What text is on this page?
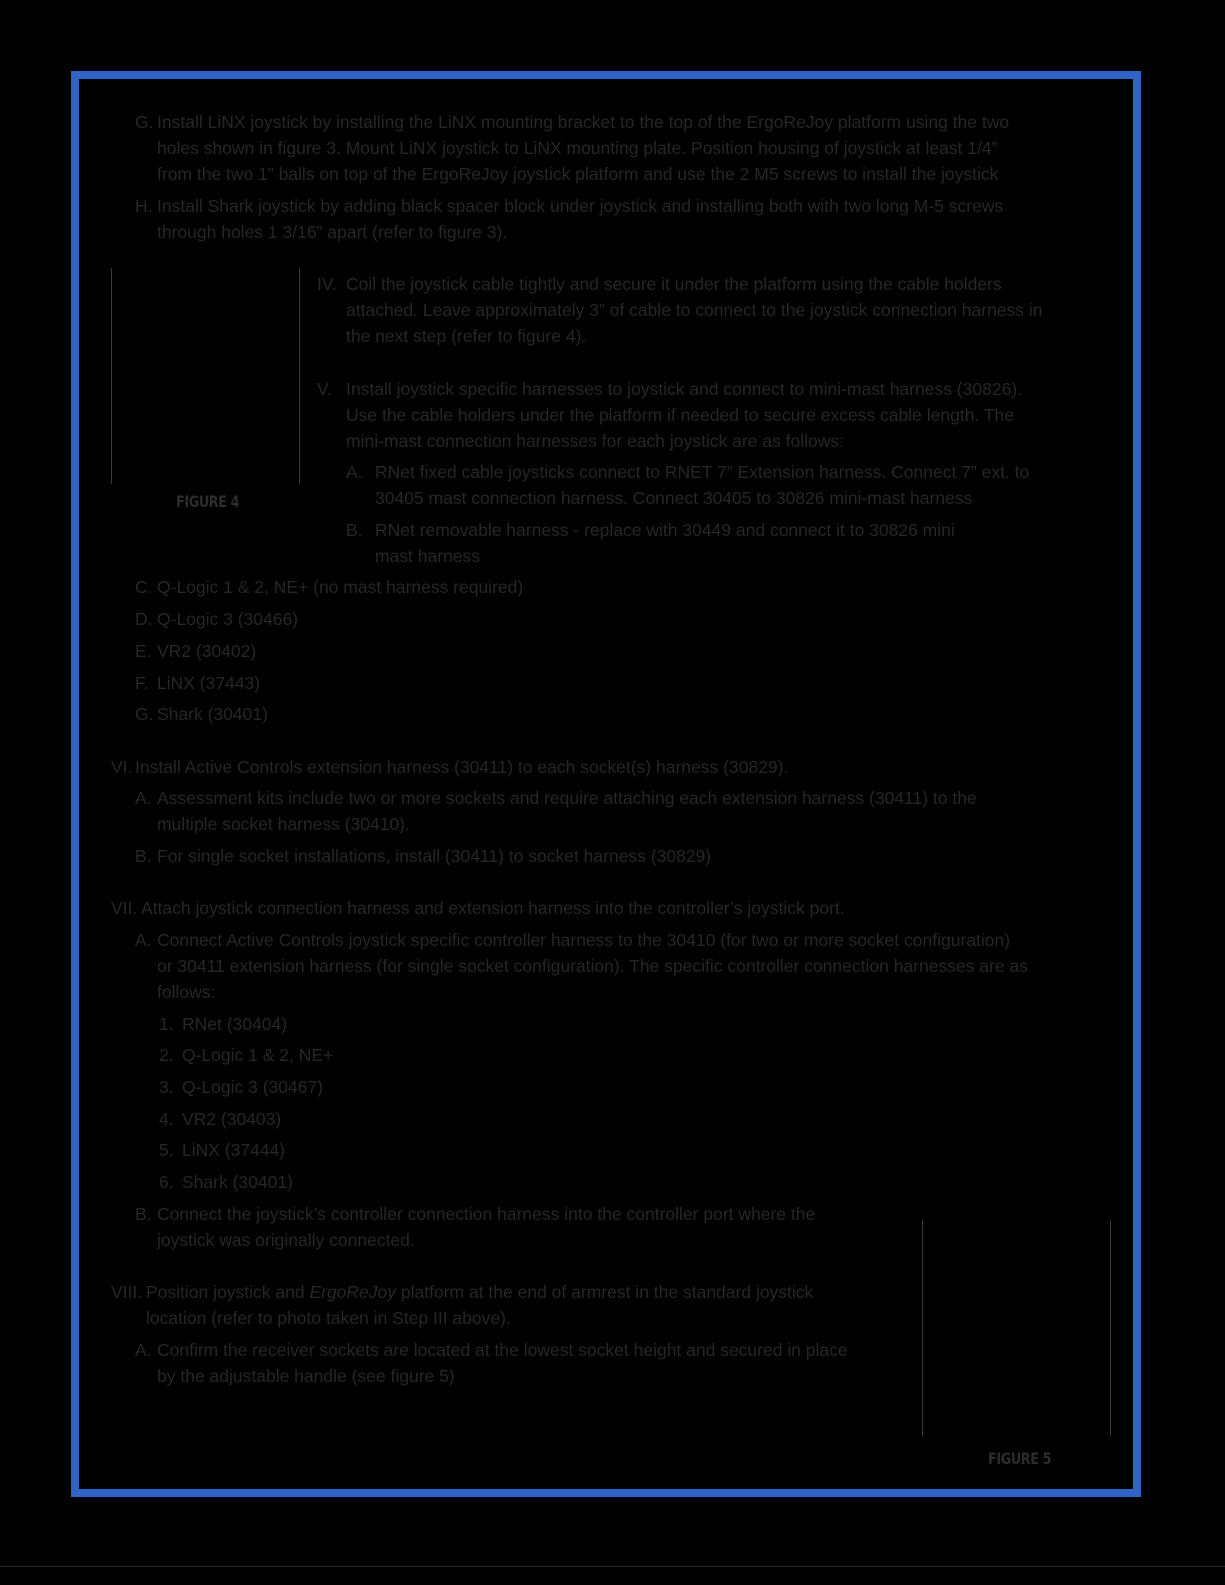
G. Install LiNX joystick by installing the LiNX mounting bracket to the top of the ErgoReJoy platform using the two
holes shown in figure 3. Mount LiNX joystick to LiNX mounting plate. Position housing of joystick at least 1/4”
from the two 1” balls on top of the ErgoReJoy joystick platform and use the 2 M5 screws to install the joystick
H. Install Shark joystick by adding black spacer block under joystick and installing both with two long M-5 screws
through holes 1 3/16” apart (refer to figure 3).
IV. Coil the joystick cable tightly and secure it under the platform using the cable holders
attached. Leave approximately 3” of cable to connect to the joystick connection harness in
the next step (refer to figure 4).
V. Install joystick specific harnesses to joystick and connect to mini-mast harness (30826).
Use the cable holders under the platform if needed to secure excess cable length. The
mini-mast connection harnesses for each joystick are as follows:
A. RNet fixed cable joysticks connect to RNET 7” Extension harness. Connect 7” ext. to
30405 mast connection harness. Connect 30405 to 30826 mini-mast harness
B. RNet removable harness - replace with 30449 and connect it to 30826 mini
mast harness
C. Q-Logic 1 & 2, NE+ (no mast harness required)
D. Q-Logic 3 (30466)
E. VR2 (30402)
F. LiNX (37443)
G. Shark (30401)
VI. Install Active Controls extension harness (30411) to each socket(s) harness (30829).
A. Assessment kits include two or more sockets and require attaching each extension harness (30411) to the
multiple socket harness (30410).
B. For single socket installations, install (30411) to socket harness (30829)
VII. Attach joystick connection harness and extension harness into the controller’s joystick port.
A. Connect Active Controls joystick specific controller harness to the 30410 (for two or more socket configuration)
or 30411 extension harness (for single socket configuration). The specific controller connection harnesses are as
follows:
1. RNet (30404)
2. Q-Logic 1 & 2, NE+
3. Q-Logic 3 (30467)
4. VR2 (30403)
5. LiNX (37444)
6. Shark (30401)
B. Connect the joystick’s controller connection harness into the controller port where the
joystick was originally connected.
VIII. Position joystick and ErgoReJoy platform at the end of armrest in the standard joystick
location (refer to photo taken in Step III above).
A. Confirm the receiver sockets are located at the lowest socket height and secured in place
by the adjustable handle (see figure 5)
FIGURE 4
FIGURE 5
